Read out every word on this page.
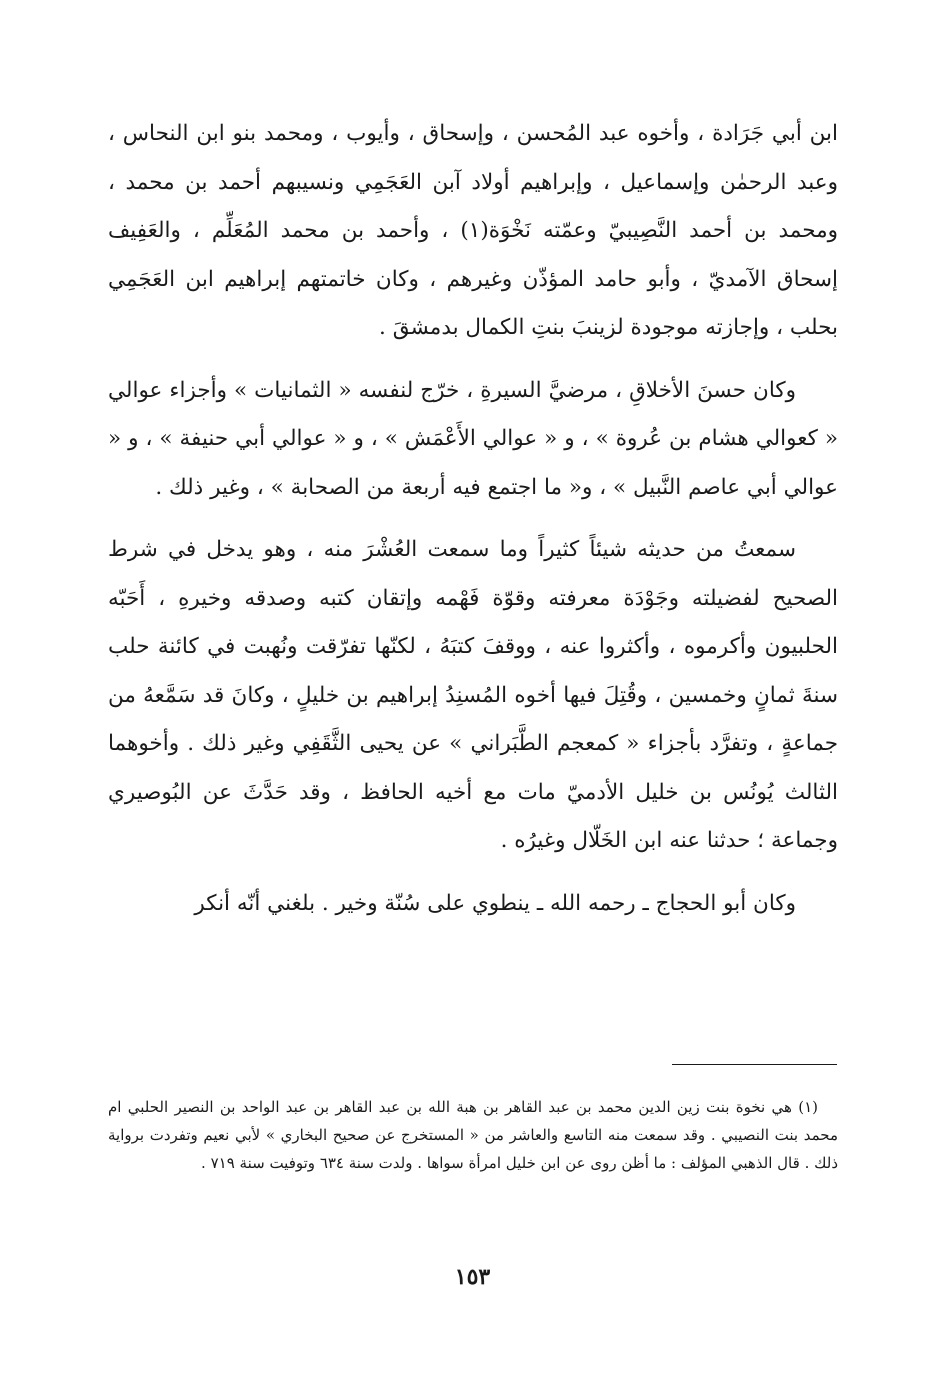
ابن أبي جَرَادة ، وأخوه عبد المُحسن ، وإسحاق ، وأيوب ، ومحمد بنو ابن النحاس ، وعبد الرحمٰن وإسماعيل ، وإبراهيم أولاد آبن العَجَمِي ونسيبهم أحمد بن محمد ، ومحمد بن أحمد النَّصِيبيّ وعمّته نَخْوَة(١) ، وأحمد بن محمد المُعَلِّم ، والعَفِيف إسحاق الآمديّ ، وأبو حامد المؤذّن وغيرهم ، وكان خاتمتهم إبراهيم ابن العَجَمِي بحلب ، وإجازته موجودة لزينبَ بنتِ الكمال بدمشقَ .

وكان حسنَ الأخلاقِ ، مرضيَّ السيرةِ ، خرّج لنفسه « الثمانيات » وأجزاء عوالي « كعوالي هشام بن عُروة » ، و « عوالي الأَعْمَش » ، و « عوالي أبي حنيفة » ، و « عوالي أبي عاصم النَّبيل » ، و« ما اجتمع فيه أربعة من الصحابة » ، وغير ذلك .

سمعتُ من حديثه شيئاً كثيراً وما سمعت العُشْرَ منه ، وهو يدخل في شرط الصحيح لفضيلته وجَوْدَة معرفته وقوّة فَهْمه وإتقان كتبه وصدقه وخيرهِ ، أَحَبّه الحلبيون وأكرموه ، وأكثروا عنه ، ووقفَ كتبَهُ ، لكنّها تفرّقت ونُهبت في كائنة حلب سنةَ ثمانٍ وخمسين ، وقُتِلَ فيها أخوه المُسنِدُ إبراهيم بن خليلٍ ، وكانَ قد سَمَّعهُ من جماعةٍ ، وتفرَّد بأجزاء « كمعجم الطَّبَراني » عن يحيى الثَّقَفِي وغير ذلك . وأخوهما الثالث يُونُس بن خليل الأدميّ مات مع أخيه الحافظ ، وقد حَدَّثَ عن البُوصيري وجماعة ؛ حدثنا عنه ابن الخَلّال وغيرُه .

وكان أبو الحجاج ـ رحمه الله ـ ينطوي على سُنّة وخير . بلغني أنّه أنكر

(١) هي نخوة بنت زين الدين محمد بن عبد القاهر بن هبة الله بن عبد القاهر بن عبد الواحد بن النصير الحلبي ام محمد بنت النصيبي . وقد سمعت منه التاسع والعاشر من « المستخرج عن صحيح البخاري » لأبي نعيم وتفردت برواية ذلك . قال الذهبي المؤلف : ما أظن روى عن ابن خليل امرأة سواها . ولدت سنة ٦٣٤ وتوفيت سنة ٧١٩ .

١٥٣
